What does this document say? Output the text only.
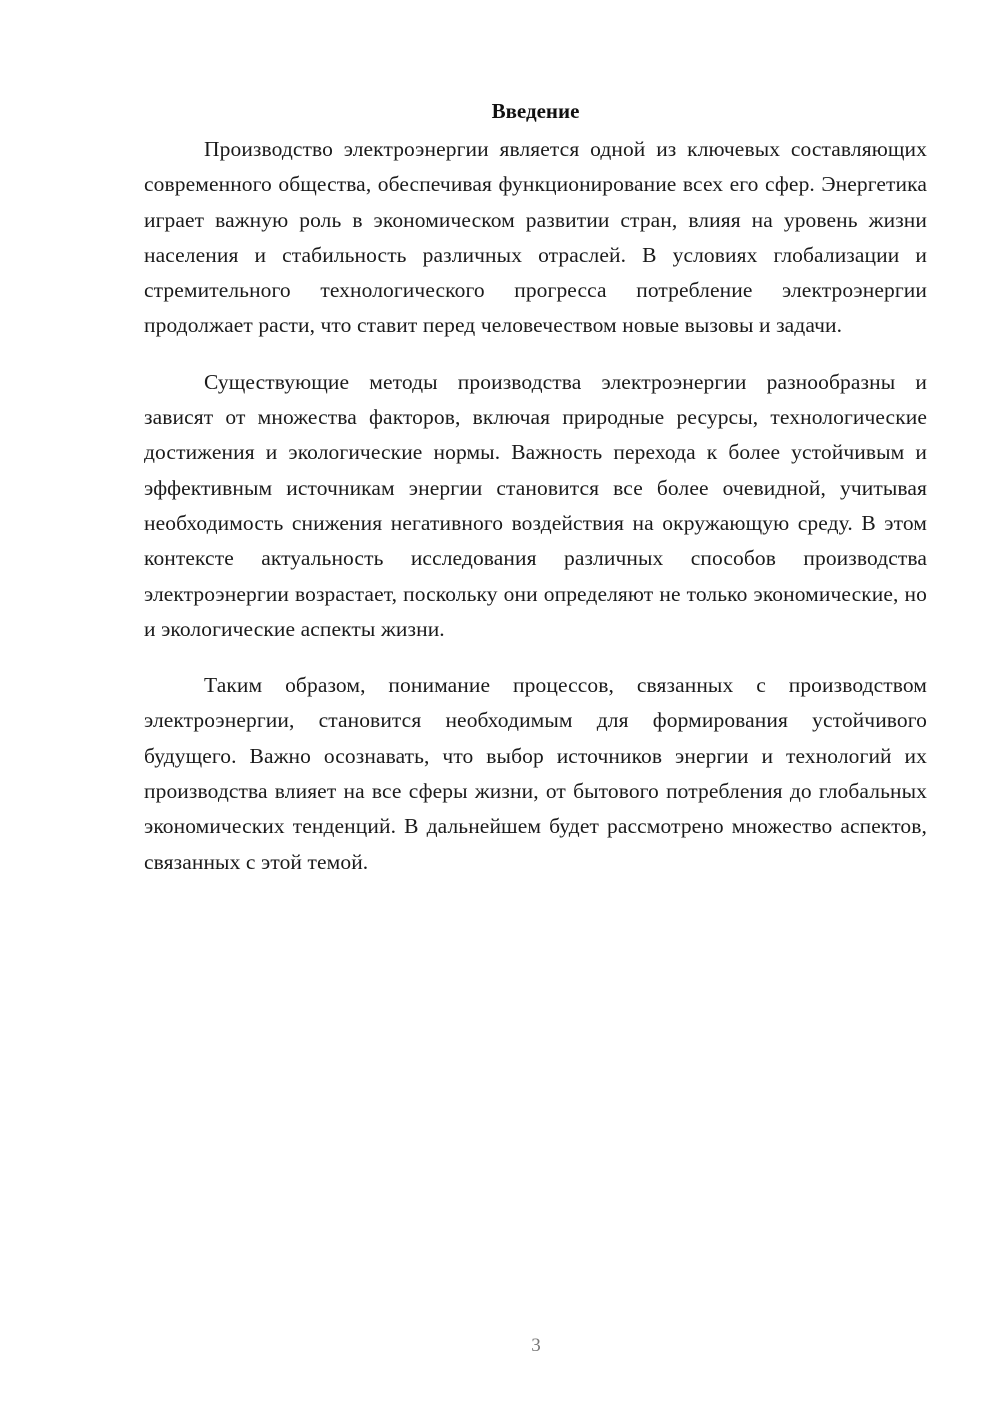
Введение

Производство электроэнергии является одной из ключевых составляющих современного общества, обеспечивая функционирование всех его сфер. Энергетика играет важную роль в экономическом развитии стран, влияя на уровень жизни населения и стабильность различных отраслей. В условиях глобализации и стремительного технологического прогресса потребление электроэнергии продолжает расти, что ставит перед человечеством новые вызовы и задачи.

Существующие методы производства электроэнергии разнообразны и зависят от множества факторов, включая природные ресурсы, технологические достижения и экологические нормы. Важность перехода к более устойчивым и эффективным источникам энергии становится все более очевидной, учитывая необходимость снижения негативного воздействия на окружающую среду. В этом контексте актуальность исследования различных способов производства электроэнергии возрастает, поскольку они определяют не только экономические, но и экологические аспекты жизни.

Таким образом, понимание процессов, связанных с производством электроэнергии, становится необходимым для формирования устойчивого будущего. Важно осознавать, что выбор источников энергии и технологий их производства влияет на все сферы жизни, от бытового потребления до глобальных экономических тенденций. В дальнейшем будет рассмотрено множество аспектов, связанных с этой темой.

3
